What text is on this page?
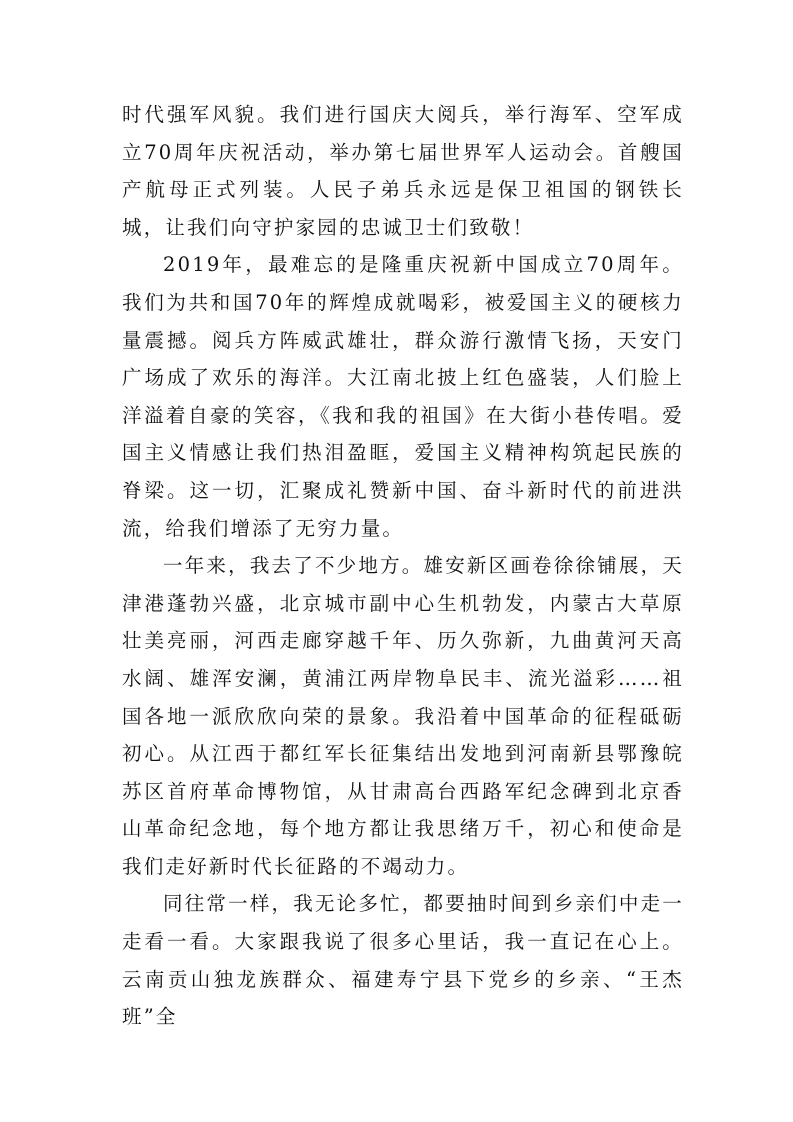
时代强军风貌。我们进行国庆大阅兵，举行海军、空军成立70周年庆祝活动，举办第七届世界军人运动会。首艘国产航母正式列装。人民子弟兵永远是保卫祖国的钢铁长城，让我们向守护家园的忠诚卫士们致敬！

2019年，最难忘的是隆重庆祝新中国成立70周年。我们为共和国70年的辉煌成就喝彩，被爱国主义的硬核力量震撼。阅兵方阵威武雄壮，群众游行激情飞扬，天安门广场成了欢乐的海洋。大江南北披上红色盛装，人们脸上洋溢着自豪的笑容，《我和我的祖国》在大街小巷传唱。爱国主义情感让我们热泪盈眶，爱国主义精神构筑起民族的脊梁。这一切，汇聚成礼赞新中国、奋斗新时代的前进洪流，给我们增添了无穷力量。

一年来，我去了不少地方。雄安新区画卷徐徐铺展，天津港蓬勃兴盛，北京城市副中心生机勃发，内蒙古大草原壮美亮丽，河西走廊穿越千年、历久弥新，九曲黄河天高水阔、雄浑安澜，黄浦江两岸物阜民丰、流光溢彩……祖国各地一派欣欣向荣的景象。我沿着中国革命的征程砥砺初心。从江西于都红军长征集结出发地到河南新县鄂豫皖苏区首府革命博物馆，从甘肃高台西路军纪念碑到北京香山革命纪念地，每个地方都让我思绪万千，初心和使命是我们走好新时代长征路的不竭动力。

同往常一样，我无论多忙，都要抽时间到乡亲们中走一走看一看。大家跟我说了很多心里话，我一直记在心上。云南贡山独龙族群众、福建寿宁县下党乡的乡亲、“王杰班”全
